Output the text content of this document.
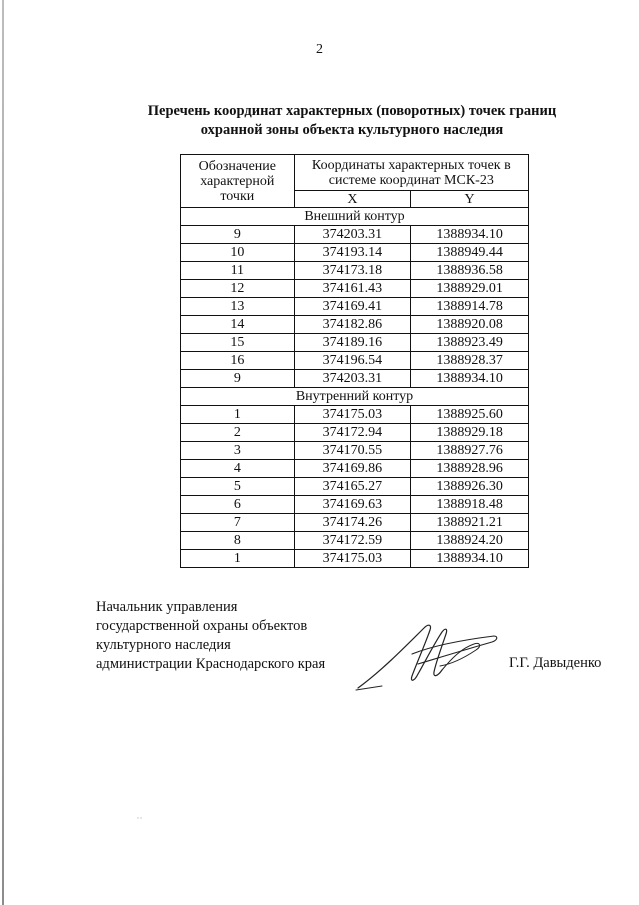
2
Перечень координат характерных (поворотных) точек границ
охранной зоны объекта культурного наследия
Обозначение характерной точки	Координаты характерных точек в системе координат МСК-23	
	X	Y
Внешний контур		
9	374203.31	1388934.10
10	374193.14	1388949.44
11	374173.18	1388936.58
12	374161.43	1388929.01
13	374169.41	1388914.78
14	374182.86	1388920.08
15	374189.16	1388923.49
16	374196.54	1388928.37
9	374203.31	1388934.10
Внутренний контур		
1	374175.03	1388925.60
2	374172.94	1388929.18
3	374170.55	1388927.76
4	374169.86	1388928.96
5	374165.27	1388926.30
6	374169.63	1388918.48
7	374174.26	1388921.21
8	374172.59	1388924.20
1	374175.03	1388934.10
Начальник управления
государственной охраны объектов
культурного наследия
администрации Краснодарского края	Г.Г. Давыденко
